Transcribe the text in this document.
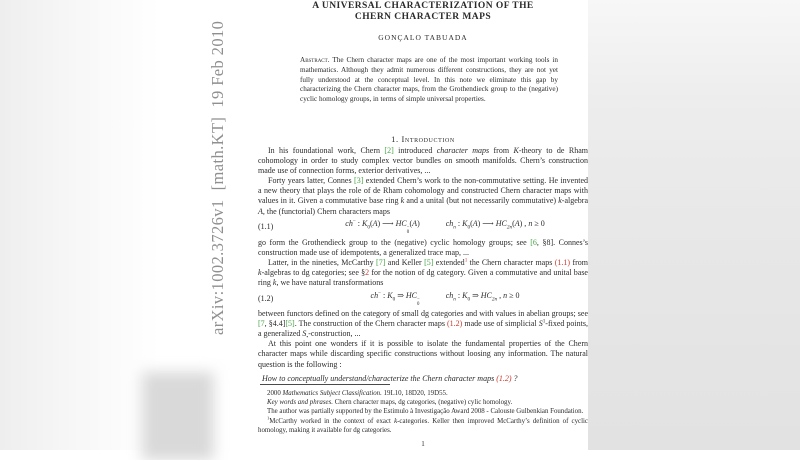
arXiv:1002.3726v1  [math.KT]  19 Feb 2010
A UNIVERSAL CHARACTERIZATION OF THE
CHERN CHARACTER MAPS
GONÇALO TABUADA
Abstract. The Chern character maps are one of the most important working tools in mathematics. Although they admit numerous different constructions, they are not yet fully understood at the conceptual level. In this note we eliminate this gap by characterizing the Chern character maps, from the Grothendieck group to the (negative) cyclic homology groups, in terms of simple universal properties.
1. Introduction

In his foundational work, Chern [2] introduced character maps from K-theory to de Rham cohomology in order to study complex vector bundles on smooth manifolds. Chern’s construction made use of connection forms, exterior derivatives, ...

Forty years latter, Connes [3] extended Chern’s work to the non-commutative setting. He invented a new theory that plays the role of de Rham cohomology and constructed Chern character maps with values in it. Given a commutative base ring k and a unital (but not necessarily commutative) k-algebra A, the (functorial) Chern characters maps

(1.1)	ch− : $K_0(A)$ ⟶ HC −
0
(A)	$ch_n$ : $K_0(A)$ ⟶ $HC_{2n}(A)$ , n ≥ 0

go form the Grothendieck group to the (negative) cyclic homology groups; see [6, §8]. Connes’s construction made use of idempotents, a generalized trace map, ...

Latter, in the nineties, McCarthy [7] and Keller [5] extended$^1$ the Chern character maps (1.1) from k-algebras to dg categories; see §2 for the notion of dg category. Given a commutative and unital base ring k, we have natural transformations

(1.2)	ch− : $K_0$ ⇒ HC −
0
$ch_n$ : $K_0$ ⇒ $HC_{2n}$ , n ≥ 0

between functors defined on the category of small dg categories and with values in abelian groups; see [7, §4.4][5]. The construction of the Chern character maps (1.2) made use of simplicial $S^1$-fixed points, a generalized $S_•$-construction, ...

At this point one wonders if it is possible to isolate the fundamental properties of the Chern character maps while discarding specific constructions without loosing any information. The natural question is the following :

How to conceptually understand/characterize the Chern character maps (1.2) ?

2000 Mathematics Subject Classification. 19L10, 18D20, 19D55.

Key words and phrases. Chern character maps, dg categories, (negative) cylic homology.

The author was partially supported by the Estimulo à Investigação Award 2008 - Calouste Gulbenkian Foundation.

$^1$McCarthy worked in the context of exact k-categories. Keller then improved McCarthy’s definition of cyclic homology, making it available for dg categories.

1
